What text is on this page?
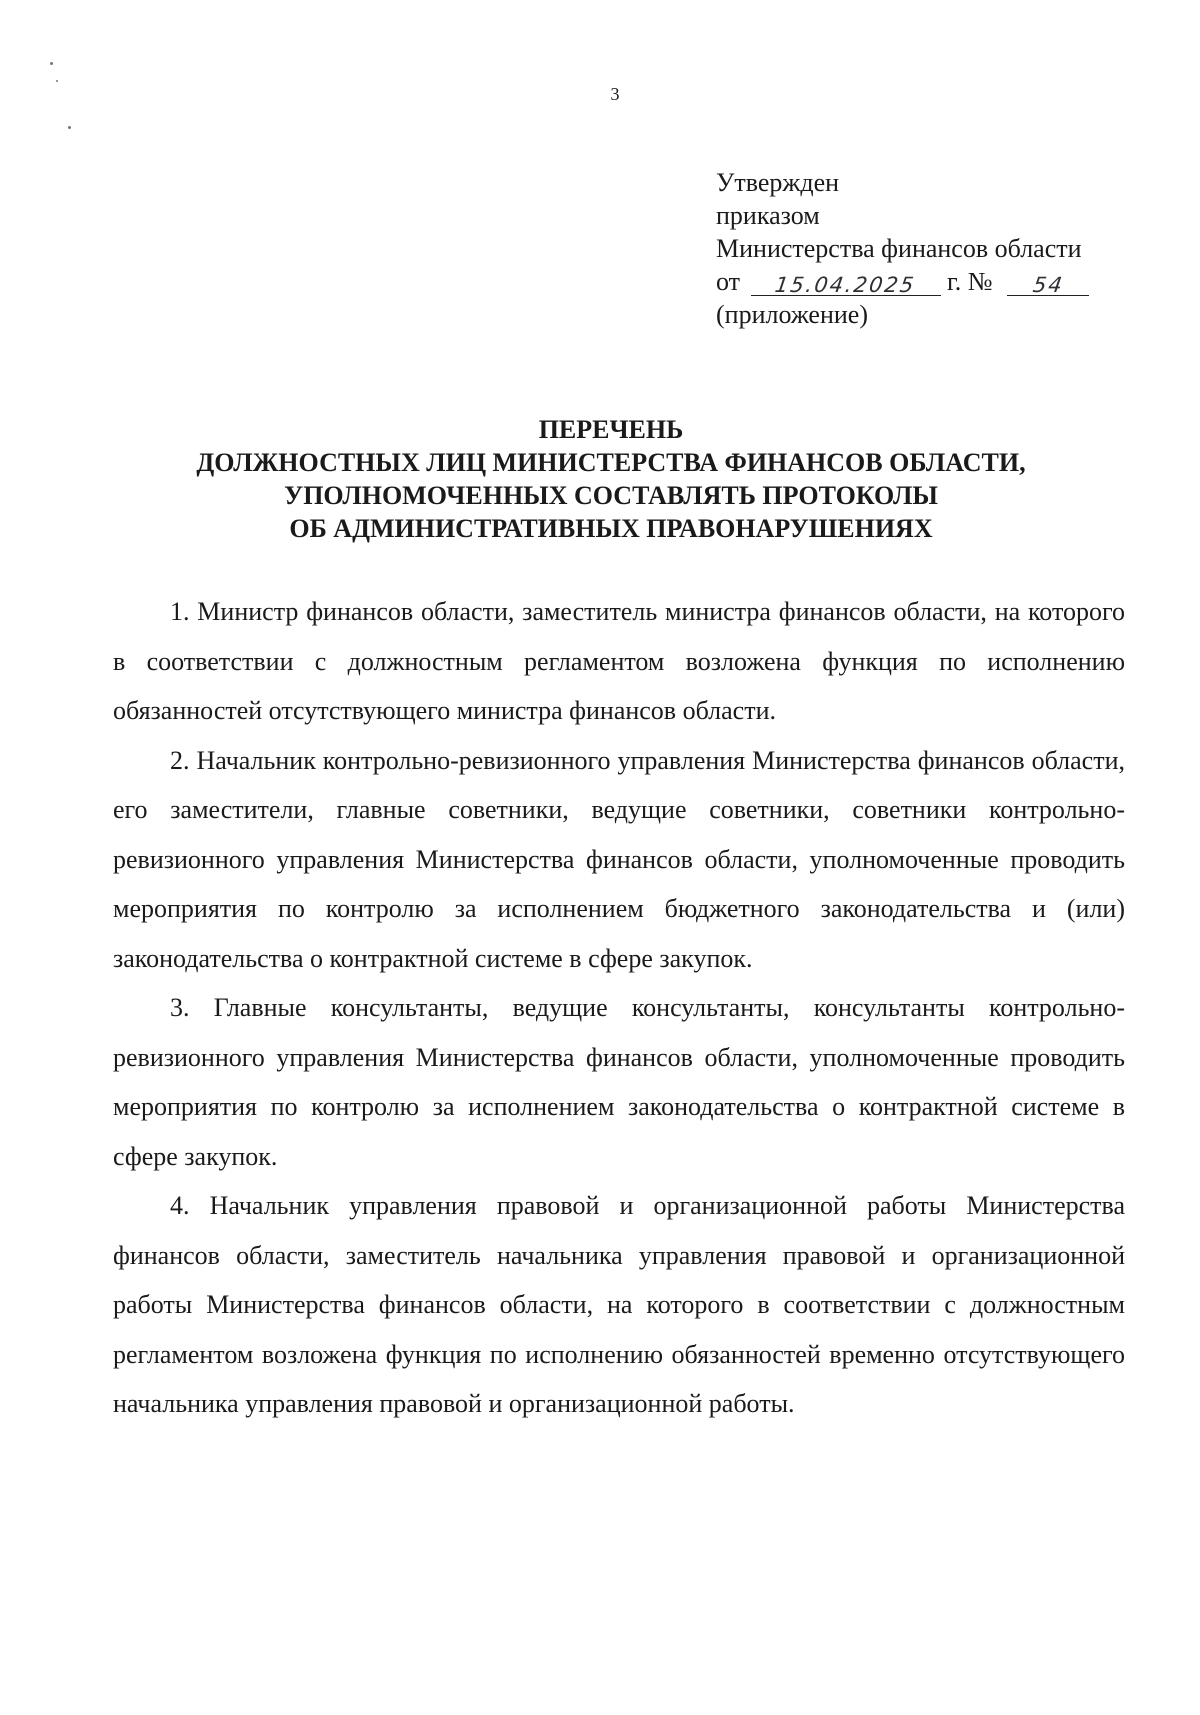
3
Утвержден
приказом
Министерства финансов области
от 15.04.2025 г. № 54
(приложение)
ПЕРЕЧЕНЬ
ДОЛЖНОСТНЫХ ЛИЦ МИНИСТЕРСТВА ФИНАНСОВ ОБЛАСТИ,
УПОЛНОМОЧЕННЫХ СОСТАВЛЯТЬ ПРОТОКОЛЫ
ОБ АДМИНИСТРАТИВНЫХ ПРАВОНАРУШЕНИЯХ

1. Министр финансов области, заместитель министра финансов области, на которого в соответствии с должностным регламентом возложена функция по исполнению обязанностей отсутствующего министра финансов области.

2. Начальник контрольно-ревизионного управления Министерства финансов области, его заместители, главные советники, ведущие советники, советники контрольно-ревизионного управления Министерства финансов области, уполномоченные проводить мероприятия по контролю за исполнением бюджетного законодательства и (или) законодательства о контрактной системе в сфере закупок.

3. Главные консультанты, ведущие консультанты, консультанты контрольно-ревизионного управления Министерства финансов области, уполномоченные проводить мероприятия по контролю за исполнением законодательства о контрактной системе в сфере закупок.

4. Начальник управления правовой и организационной работы Министерства финансов области, заместитель начальника управления правовой и организационной работы Министерства финансов области, на которого в соответствии с должностным регламентом возложена функция по исполнению обязанностей временно отсутствующего начальника управления правовой и организационной работы.
